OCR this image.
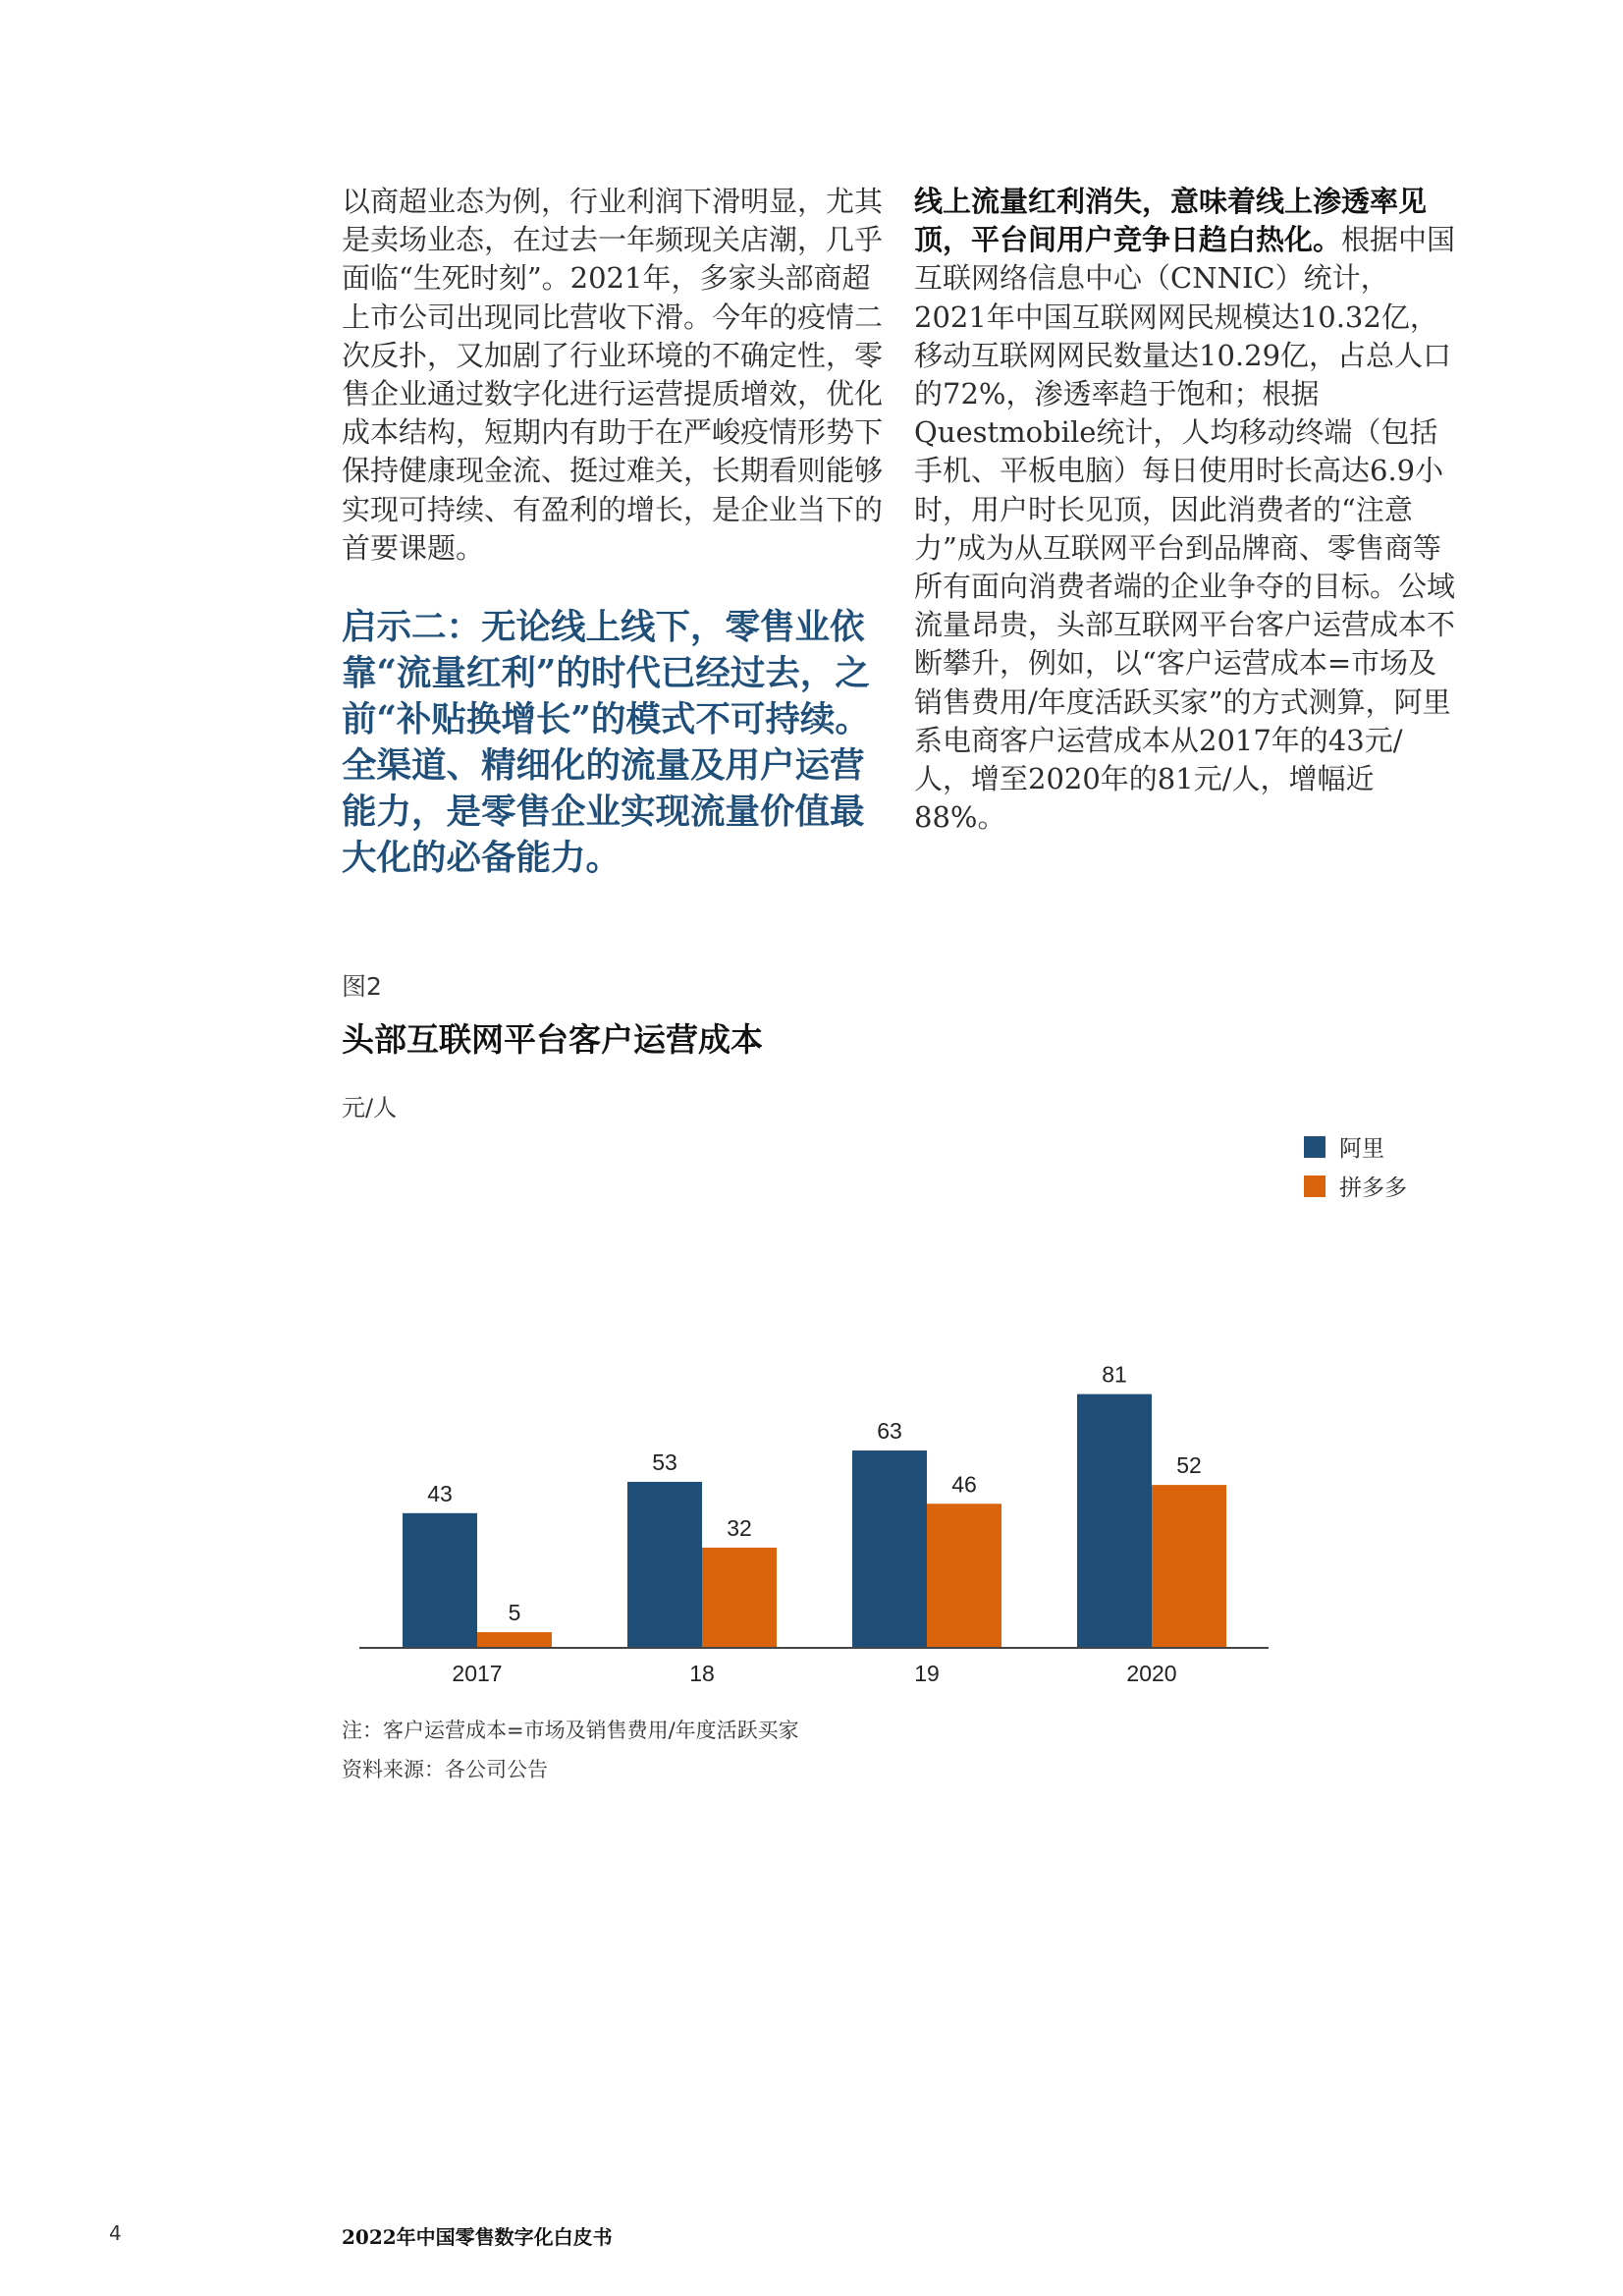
以商超业态为例，行业利润下滑明显，尤其是卖场业态，在过去一年频现关店潮，几乎面临“生死时刻”。2021年，多家头部商超上市公司出现同比营收下滑。今年的疫情二次反扑，又加剧了行业环境的不确定性，零售企业通过数字化进行运营提质增效，优化成本结构，短期内有助于在严峻疫情形势下保持健康现金流、挺过难关，长期看则能够实现可持续、有盈利的增长，是企业当下的首要课题。

启示二：无论线上线下，零售业依靠“流量红利”的时代已经过去，之前“补贴换增长”的模式不可持续。全渠道、精细化的流量及用户运营能力，是零售企业实现流量价值最大化的必备能力。

线上流量红利消失，意味着线上渗透率见顶，平台间用户竞争日趋白热化。根据中国互联网络信息中心（CNNIC）统计，2021年中国互联网网民规模达10.32亿，移动互联网网民数量达10.29亿，占总人口的72%，渗透率趋于饱和；根据Questmobile统计，人均移动终端（包括手机、平板电脑）每日使用时长高达6.9小时，用户时长见顶，因此消费者的“注意力”成为从互联网平台到品牌商、零售商等所有面向消费者端的企业争夺的目标。公域流量昂贵，头部互联网平台客户运营成本不断攀升，例如，以“客户运营成本=市场及销售费用/年度活跃买家”的方式测算，阿里系电商客户运营成本从2017年的43元/人，增至2020年的81元/人，增幅近88%。

图2
头部互联网平台客户运营成本
元/人
43
5
53
32
63
46
81
52
2017	18	19	2020
阿里
拼多多
注：客户运营成本=市场及销售费用/年度活跃买家
资料来源：各公司公告
4	2022年中国零售数字化白皮书
